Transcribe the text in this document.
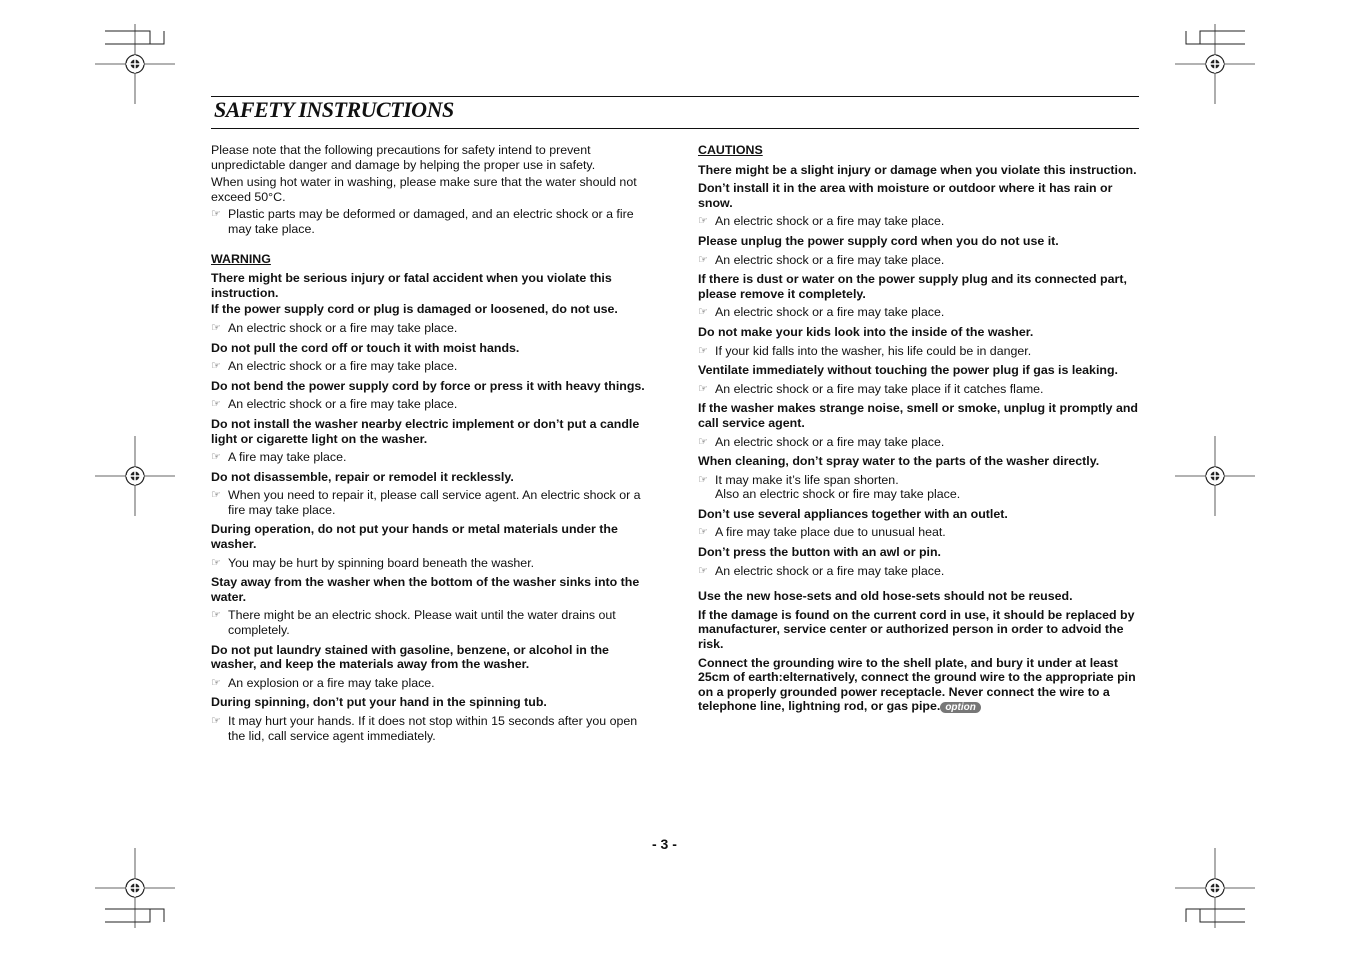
SAFETY INSTRUCTIONS

Please note that the following precautions for safety intend to prevent unpredictable danger and damage by helping the proper use in safety.

When using hot water in washing, please make sure that the water should not exceed 50°C.

☞ Plastic parts may be deformed or damaged, and an electric shock or a fire may take place.

WARNING

There might be serious injury or fatal accident when you violate this instruction.

If the power supply cord or plug is damaged or loosened, do not use.

☞ An electric shock or a fire may take place.

Do not pull the cord off or touch it with moist hands.

☞ An electric shock or a fire may take place.

Do not bend the power supply cord by force or press it with heavy things.

☞ An electric shock or a fire may take place.

Do not install the washer nearby electric implement or don’t put a candle light or cigarette light on the washer.

☞ A fire may take place.

Do not disassemble, repair or remodel it recklessly.

☞ When you need to repair it, please call service agent. An electric shock or a fire may take place.

During operation, do not put your hands or metal materials under the washer.

☞ You may be hurt by spinning board beneath the washer.

Stay away from the washer when the bottom of the washer sinks into the water.

☞ There might be an electric shock. Please wait until the water drains out completely.

Do not put laundry stained with gasoline, benzene, or alcohol in the washer, and keep the materials away from the washer.

☞ An explosion or a fire may take place.

During spinning, don’t put your hand in the spinning tub.

☞ It may hurt your hands. If it does not stop within 15 seconds after you open the lid, call service agent immediately.

CAUTIONS

There might be a slight injury or damage when you violate this instruction.

Don’t install it in the area with moisture or outdoor where it has rain or snow.

☞ An electric shock or a fire may take place.

Please unplug the power supply cord when you do not use it.

☞ An electric shock or a fire may take place.

If there is dust or water on the power supply plug and its connected part, please remove it completely.

☞ An electric shock or a fire may take place.

Do not make your kids look into the inside of the washer.

☞ If your kid falls into the washer, his life could be in danger.

Ventilate immediately without touching the power plug if gas is leaking.

☞ An electric shock or a fire may take place if it catches flame.

If the washer makes strange noise, smell or smoke, unplug it promptly and call service agent.

☞ An electric shock or a fire may take place.

When cleaning, don’t spray water to the parts of the washer directly.

☞ It may make it’s life span shorten.
Also an electric shock or fire may take place.

Don’t use several appliances together with an outlet.

☞ A fire may take place due to unusual heat.

Don’t press the button with an awl or pin.

☞ An electric shock or a fire may take place.

Use the new hose-sets and old hose-sets should not be reused.

If the damage is found on the current cord in use, it should be replaced by manufacturer, service center or authorized person in order to advoid the risk.

Connect the grounding wire to the shell plate, and bury it under at least 25cm of earth:elternatively, connect the ground wire to the appropriate pin on a properly grounded power receptacle. Never connect the wire to a telephone line, lightning rod, or gas pipe. option

- 3 -
